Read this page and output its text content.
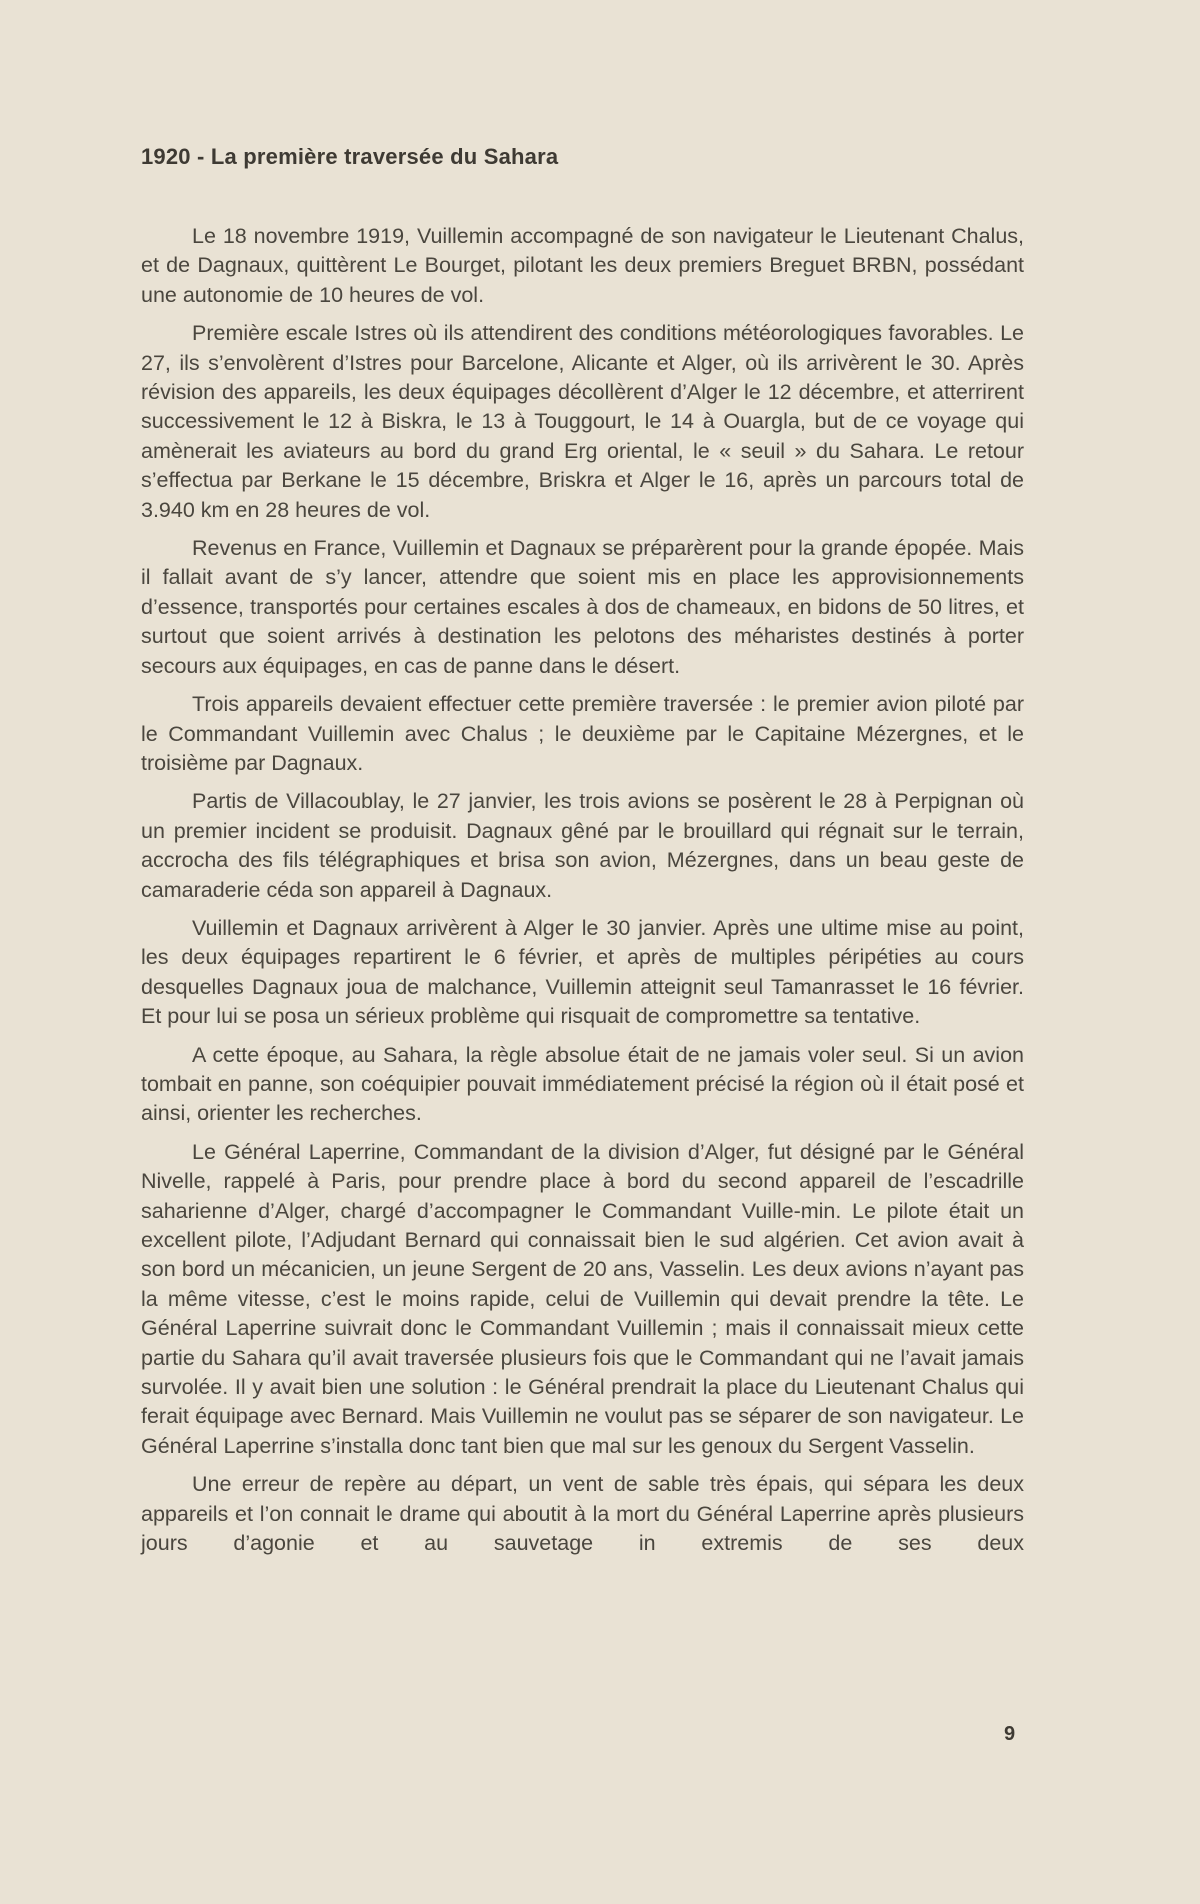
1920 - La première traversée du Sahara

Le 18 novembre 1919, Vuillemin accompagné de son navigateur le Lieutenant Chalus, et de Dagnaux, quittèrent Le Bourget, pilotant les deux premiers Breguet BRBN, possédant une autonomie de 10 heures de vol.

Première escale Istres où ils attendirent des conditions météorologiques favorables. Le 27, ils s’envolèrent d’Istres pour Barcelone, Alicante et Alger, où ils arrivèrent le 30. Après révision des appareils, les deux équipages décollèrent d’Alger le 12 décembre, et atterrirent successivement le 12 à Biskra, le 13 à Touggourt, le 14 à Ouargla, but de ce voyage qui amènerait les aviateurs au bord du grand Erg oriental, le « seuil » du Sahara. Le retour s’effectua par Berkane le 15 décembre, Briskra et Alger le 16, après un parcours total de 3.940 km en 28 heures de vol.

Revenus en France, Vuillemin et Dagnaux se préparèrent pour la grande épopée. Mais il fallait avant de s’y lancer, attendre que soient mis en place les approvisionnements d’essence, transportés pour certaines escales à dos de chameaux, en bidons de 50 litres, et surtout que soient arrivés à destination les pelotons des méharistes destinés à porter secours aux équipages, en cas de panne dans le désert.

Trois appareils devaient effectuer cette première traversée : le premier avion piloté par le Commandant Vuillemin avec Chalus ; le deuxième par le Capitaine Mézergnes, et le troisième par Dagnaux.

Partis de Villacoublay, le 27 janvier, les trois avions se posèrent le 28 à Perpignan où un premier incident se produisit. Dagnaux gêné par le brouillard qui régnait sur le terrain, accrocha des fils télégraphiques et brisa son avion, Mézergnes, dans un beau geste de camaraderie céda son appareil à Dagnaux.

Vuillemin et Dagnaux arrivèrent à Alger le 30 janvier. Après une ultime mise au point, les deux équipages repartirent le 6 février, et après de multiples péripéties au cours desquelles Dagnaux joua de malchance, Vuillemin atteignit seul Tamanrasset le 16 février. Et pour lui se posa un sérieux problème qui risquait de compromettre sa tentative.

A cette époque, au Sahara, la règle absolue était de ne jamais voler seul. Si un avion tombait en panne, son coéquipier pouvait immédiatement précisé la région où il était posé et ainsi, orienter les recherches.

Le Général Laperrine, Commandant de la division d’Alger, fut désigné par le Général Nivelle, rappelé à Paris, pour prendre place à bord du second appareil de l’escadrille saharienne d’Alger, chargé d’accompagner le Commandant Vuille-min. Le pilote était un excellent pilote, l’Adjudant Bernard qui connaissait bien le sud algérien. Cet avion avait à son bord un mécanicien, un jeune Sergent de 20 ans, Vasselin. Les deux avions n’ayant pas la même vitesse, c’est le moins rapide, celui de Vuillemin qui devait prendre la tête. Le Général Laperrine suivrait donc le Commandant Vuillemin ; mais il connaissait mieux cette partie du Sahara qu’il avait traversée plusieurs fois que le Commandant qui ne l’avait jamais survolée. Il y avait bien une solution : le Général prendrait la place du Lieutenant Chalus qui ferait équipage avec Bernard. Mais Vuillemin ne voulut pas se séparer de son navigateur. Le Général Laperrine s’installa donc tant bien que mal sur les genoux du Sergent Vasselin.

Une erreur de repère au départ, un vent de sable très épais, qui sépara les deux appareils et l’on connait le drame qui aboutit à la mort du Général Laperrine après plusieurs jours d’agonie et au sauvetage in extremis de ses deux

9
